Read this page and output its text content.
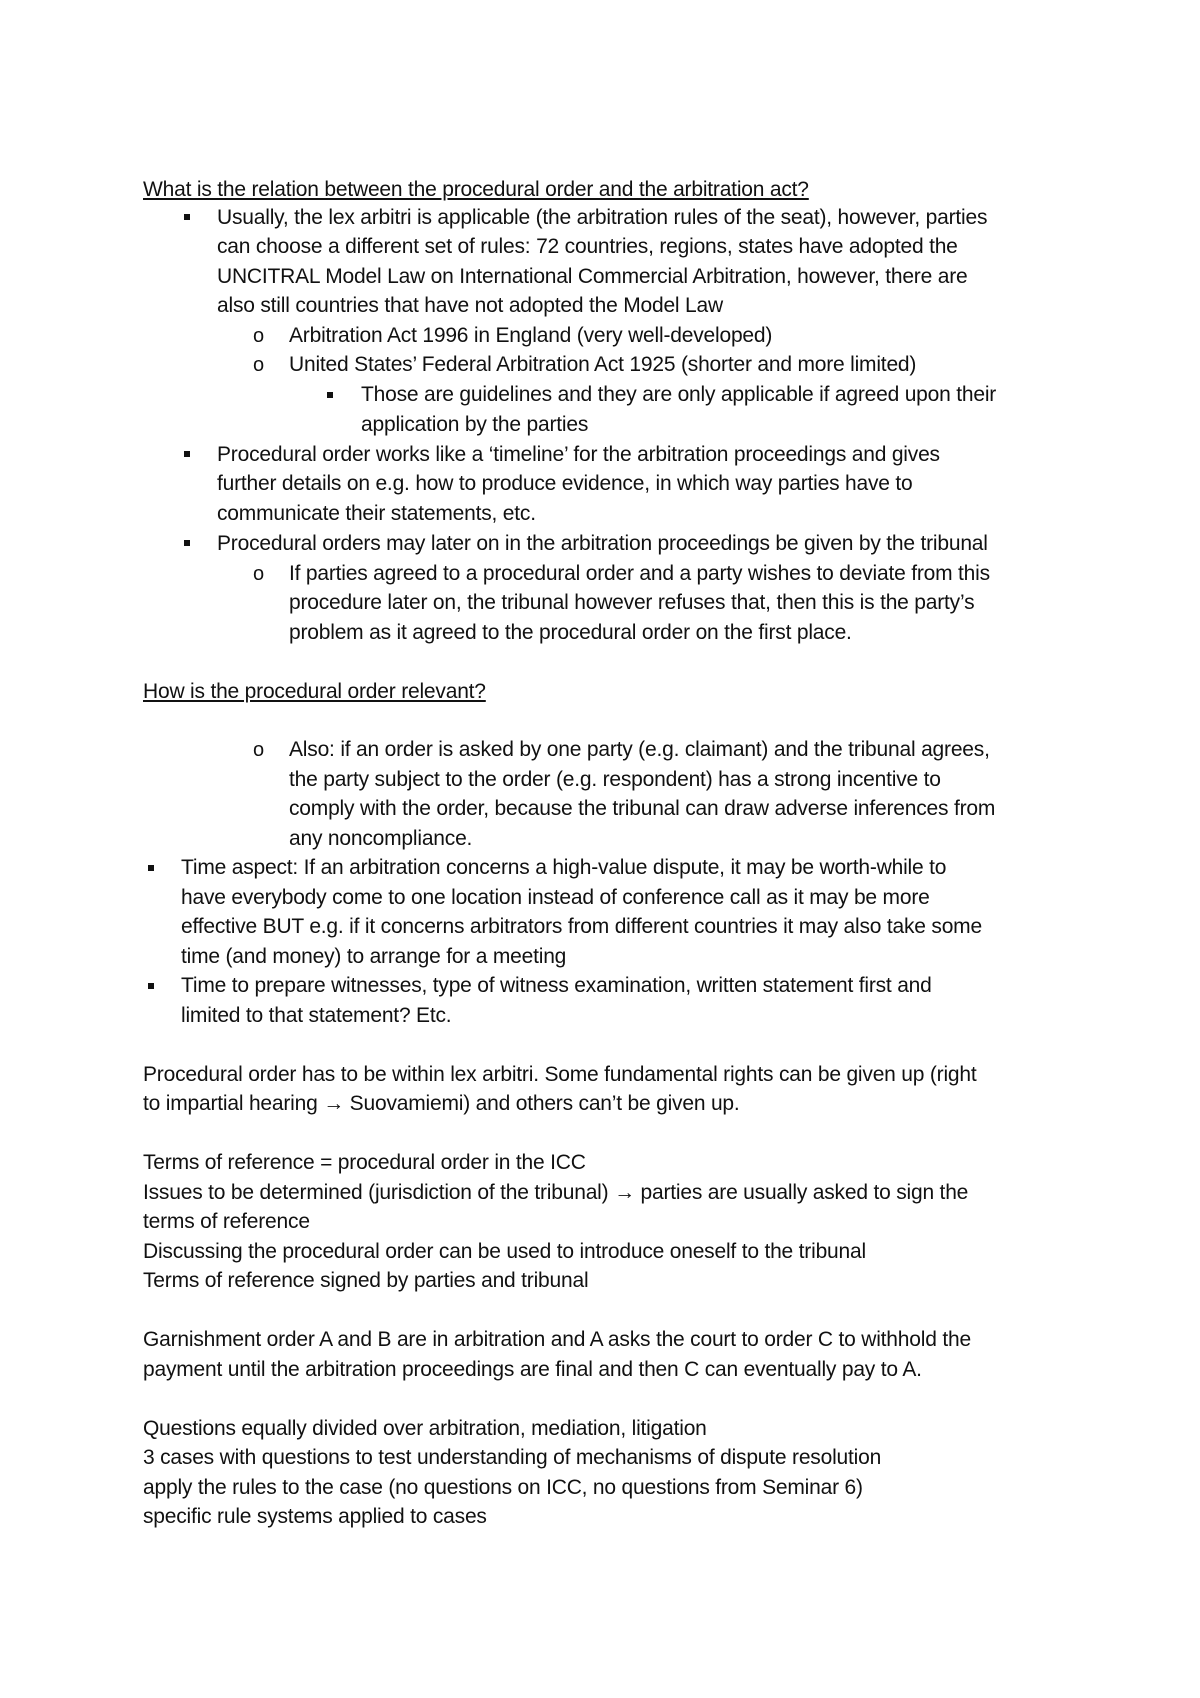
What is the relation between the procedural order and the arbitration act?
Usually, the lex arbitri is applicable (the arbitration rules of the seat), however, parties
can choose a different set of rules: 72 countries, regions, states have adopted the
UNCITRAL Model Law on International Commercial Arbitration, however, there are
also still countries that have not adopted the Model Law
o Arbitration Act 1996 in England (very well-developed)
o United States’ Federal Arbitration Act 1925 (shorter and more limited)
Those are guidelines and they are only applicable if agreed upon their
application by the parties
Procedural order works like a ‘timeline’ for the arbitration proceedings and gives
further details on e.g. how to produce evidence, in which way parties have to
communicate their statements, etc.
Procedural orders may later on in the arbitration proceedings be given by the tribunal
o If parties agreed to a procedural order and a party wishes to deviate from this
procedure later on, the tribunal however refuses that, then this is the party’s
problem as it agreed to the procedural order on the first place.
How is the procedural order relevant?
o Also: if an order is asked by one party (e.g. claimant) and the tribunal agrees,
the party subject to the order (e.g. respondent) has a strong incentive to
comply with the order, because the tribunal can draw adverse inferences from
any noncompliance.
Time aspect: If an arbitration concerns a high-value dispute, it may be worth-while to
have everybody come to one location instead of conference call as it may be more
effective BUT e.g. if it concerns arbitrators from different countries it may also take some
time (and money) to arrange for a meeting
Time to prepare witnesses, type of witness examination, written statement first and
limited to that statement? Etc.
Procedural order has to be within lex arbitri. Some fundamental rights can be given up (right
to impartial hearing → Suovamiemi) and others can’t be given up.
Terms of reference = procedural order in the ICC
Issues to be determined (jurisdiction of the tribunal) → parties are usually asked to sign the
terms of reference
Discussing the procedural order can be used to introduce oneself to the tribunal
Terms of reference signed by parties and tribunal
Garnishment order A and B are in arbitration and A asks the court to order C to withhold the
payment until the arbitration proceedings are final and then C can eventually pay to A.
Questions equally divided over arbitration, mediation, litigation
3 cases with questions to test understanding of mechanisms of dispute resolution
apply the rules to the case (no questions on ICC, no questions from Seminar 6)
specific rule systems applied to cases
